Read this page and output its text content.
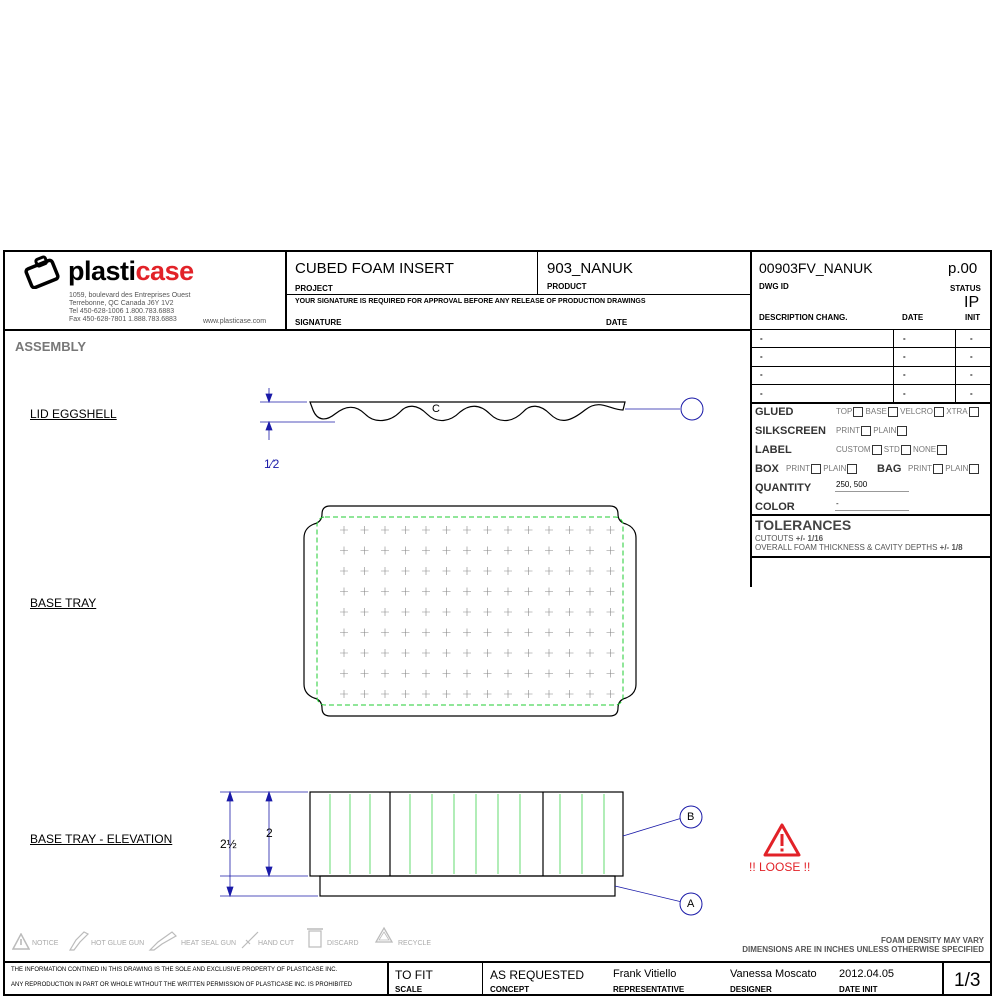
plasticase
1059, boulevard des Entreprises Ouest
Terrebonne, QC Canada J6Y 1V2
Tel 450-628-1006 1.800.783.6883
Fax 450-628-7801 1.888.783.6883	www.plasticase.com
CUBED FOAM INSERT
PROJECT
903_NANUK
PRODUCT
YOUR SIGNATURE IS REQUIRED FOR APPROVAL BEFORE ANY RELEASE OF PRODUCTION DRAWINGS
SIGNATURE	DATE
00903FV_NANUK
DWG ID
p.00
STATUS
IP
DESCRIPTION CHANG.	DATE	INIT
-	-	-
-	-	-
-	-	-
-	-	-
GLUED	TOP BASE VELCRO XTRA
SILKSCREEN PRINT PLAIN
LABEL	CUSTOM STD NONE
BOX PRINT PLAIN	BAG PRINT PLAIN
QUANTITY	250, 500
COLOR	-
TOLERANCES
CUTOUTS +/- 1/16
OVERALL FOAM THICKNESS & CAVITY DEPTHS +/- 1/8
ASSEMBLY
LID EGGSHELL
BASE TRAY
BASE TRAY - ELEVATION
C
1⁄2
B
A
2½
2
!! LOOSE !!
NOTICE	HOT GLUE GUN	HEAT SEAL GUN	HAND CUT	DISCARD	RECYCLE	FOAM DENSITY MAY VARY
DIMENSIONS ARE IN INCHES UNLESS OTHERWISE SPECIFIED
THE INFORMATION CONTINED IN THIS DRAWING IS THE SOLE AND EXCLUSIVE PROPERTY OF PLASTICASE INC.
ANY REPRODUCTION IN PART OR WHOLE WITHOUT THE WRITTEN PERMISSION OF PLASTICASE INC. IS PROHIBITED
TO FIT
SCALE
AS REQUESTED
CONCEPT
Frank Vitiello
REPRESENTATIVE
Vanessa Moscato
DESIGNER
2012.04.05
DATE INIT	1/3
